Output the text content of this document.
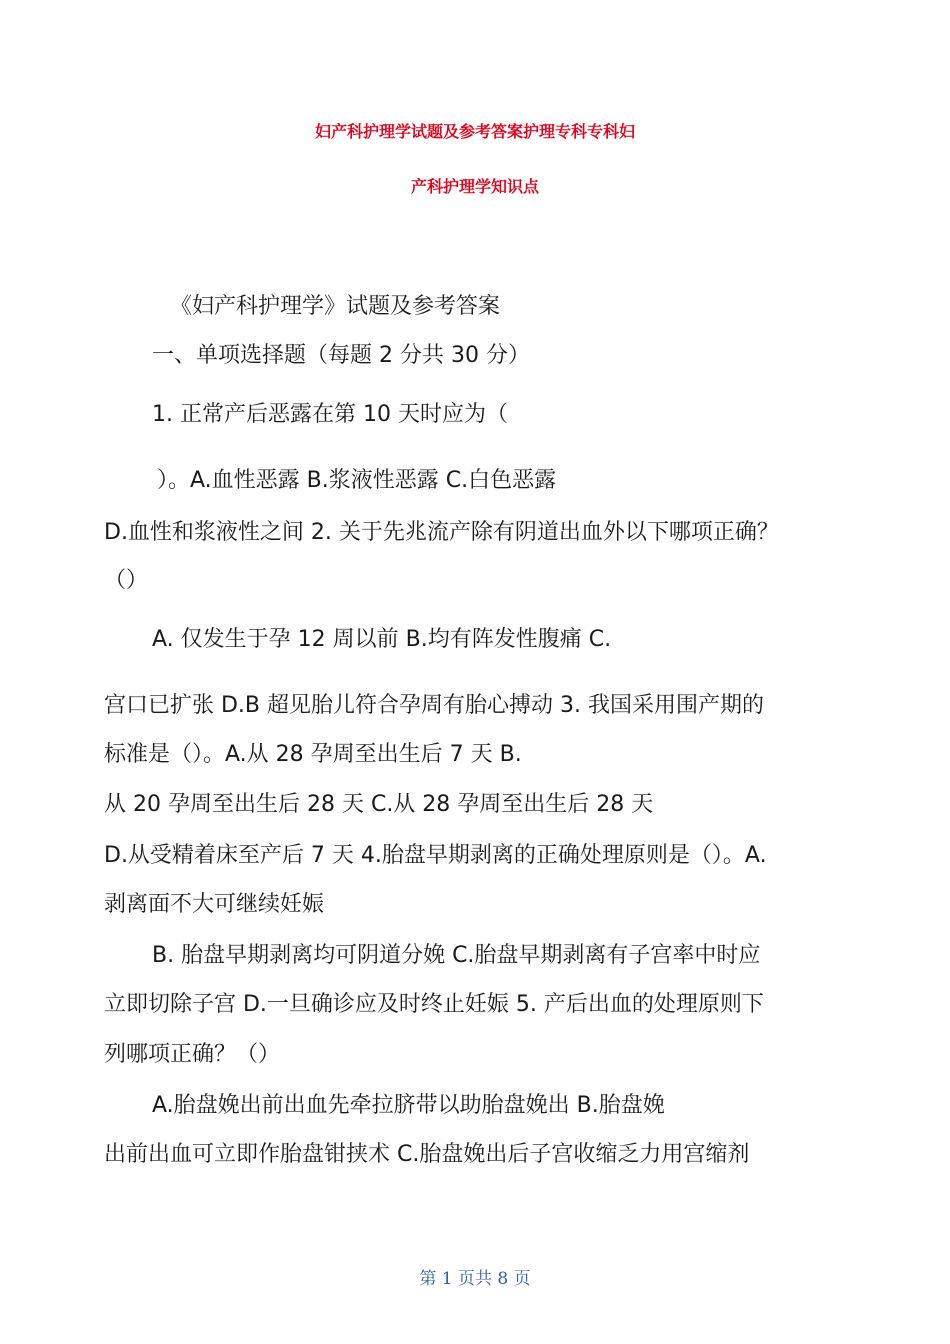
妇产科护理学试题及参考答案护理专科专科妇
产科护理学知识点
《妇产科护理学》试题及参考答案
一、单项选择题（每题 2 分共 30 分）
1. 正常产后恶露在第 10 天时应为（
）。A.血性恶露 B.浆液性恶露 C.白色恶露
D.血性和浆液性之间 2. 关于先兆流产除有阴道出血外以下哪项正确？
（）
A. 仅发生于孕 12 周以前 B.均有阵发性腹痛 C.
宫口已扩张 D.B 超见胎儿符合孕周有胎心搏动 3. 我国采用围产期的
标准是（）。A.从 28 孕周至出生后 7 天 B.
从 20 孕周至出生后 28 天 C.从 28 孕周至出生后 28 天
D.从受精着床至产后 7 天 4.胎盘早期剥离的正确处理原则是（）。A.
剥离面不大可继续妊娠
B. 胎盘早期剥离均可阴道分娩 C.胎盘早期剥离有子宫率中时应
立即切除子宫 D.一旦确诊应及时终止妊娠 5. 产后出血的处理原则下
列哪项正确？（）
A.胎盘娩出前出血先牵拉脐带以助胎盘娩出 B.胎盘娩
出前出血可立即作胎盘钳挟术 C.胎盘娩出后子宫收缩乏力用宫缩剂
第 1 页共 8 页
